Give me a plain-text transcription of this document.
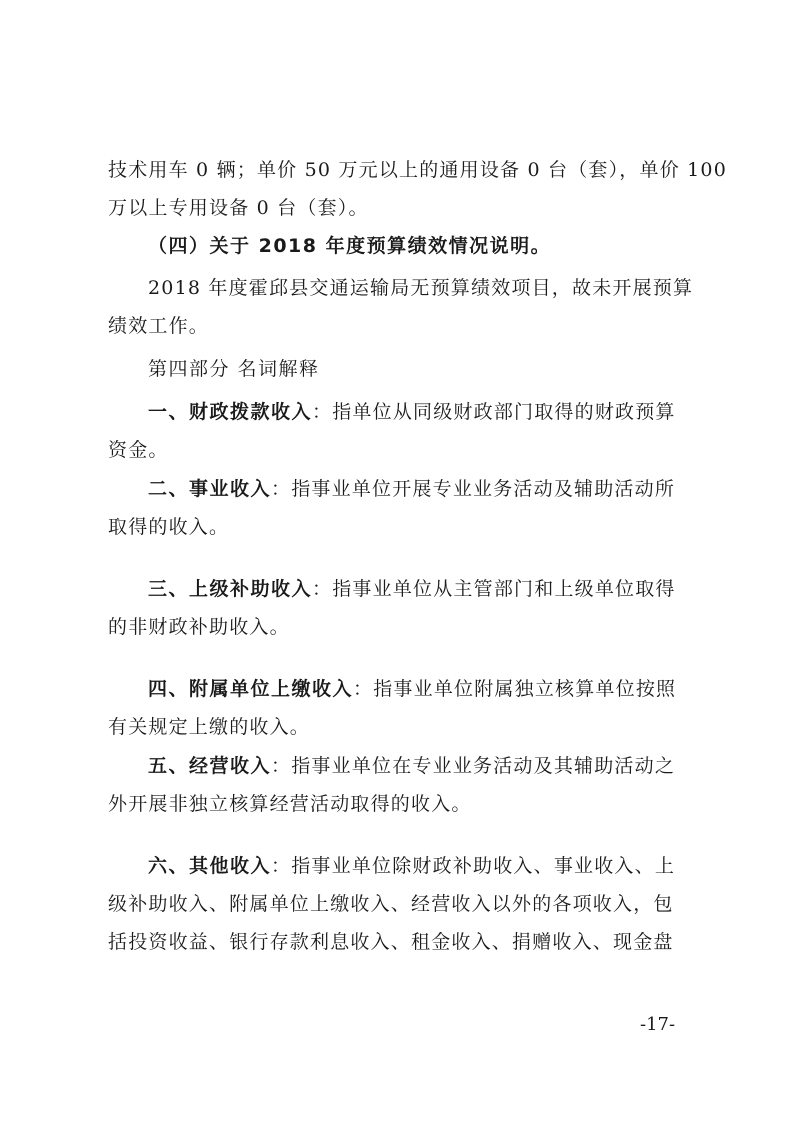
技术用车 0 辆；单价 50 万元以上的通用设备 0 台（套），单价 100
万以上专用设备 0 台（套）。
（四）关于 2018 年度预算绩效情况说明。
2018 年度霍邱县交通运输局无预算绩效项目，故未开展预算
绩效工作。
第四部分 名词解释
一、财政拨款收入：指单位从同级财政部门取得的财政预算
资金。
二、事业收入：指事业单位开展专业业务活动及辅助活动所
取得的收入。
三、上级补助收入：指事业单位从主管部门和上级单位取得
的非财政补助收入。
四、附属单位上缴收入：指事业单位附属独立核算单位按照
有关规定上缴的收入。
五、经营收入：指事业单位在专业业务活动及其辅助活动之
外开展非独立核算经营活动取得的收入。
六、其他收入：指事业单位除财政补助收入、事业收入、上
级补助收入、附属单位上缴收入、经营收入以外的各项收入，包
括投资收益、银行存款利息收入、租金收入、捐赠收入、现金盘
-17-
